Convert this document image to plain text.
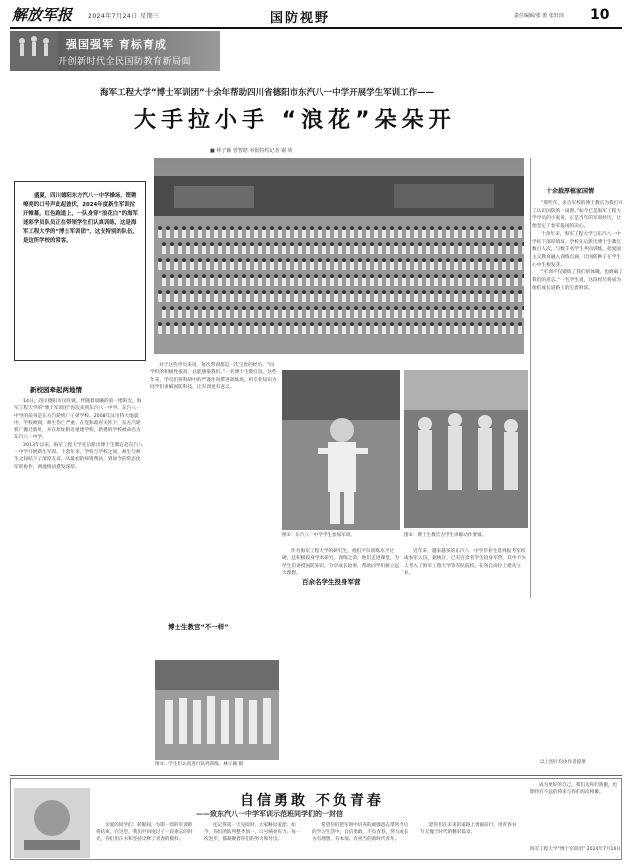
解放军报	2024年7月24日 星期三	国防视野	责任编辑/张 蕾 张轩玮 10
强国强军 育标育成
开创新时代全民国防教育新局面
海军工程大学“博士军训团”十余年帮助四川省德阳市东汽八一中学开展学生军训工作——
大手拉小手 “浪花”朵朵开
■ 林子颖 曾智皓 本报特约记者 谢 欣

盛夏，四川德阳东方汽八一中学操场，铿锵嘹亮的口号声此起彼伏，2024年度新生军训拉开帷幕。红色跑道上，一队身穿“浪花白”的海军迷彩学员队员正在带领学生们认真训练，这是海军工程大学的“博士军训团”，这支特别的队伍，是这所学校的常客。

“那些年，来自军校的博士教官为我打开了认识国防的一扇窗。”如今已是海军工程大学学员的小张说，正是当年的军训经历，让他坚定了参军报国的决心。

十余年来，海军工程大学与东汽八一中学结下深厚情谊。学校先后派出博士生教官数百人次，与数千名学生共同训练，把爱国主义教育融入训练点滴，让国防种子在学生心中生根发芽。

“军训不仅锻炼了我们的体魄，也磨砺了我们的意志。”一名学生说，这段经历将成为他们成长道路上的宝贵财富。

十余载厚植家国情
新校园牵起两地情

14日，四川德阳市汉旺镇，伴随着晨曦的第一缕阳光，海军工程大学的“博士军训团”再次来到东汽八一中学。东汽八一中学的前身是东方汽轮机厂子弟学校。2008年汶川特大地震中，学校被毁，师生伤亡严重。在党和政府关怀下，东方汽轮机厂搬迁新址，并在原址附近重建学校，新建的学校被命名为东汽八一中学。

2013年以来，海军工程大学先后派出博士生教官赴东汽八一中学开展新生军训。十余年来，学校与学校之间、师生与师生之间结下了深厚友谊。从最初的师资帮扶，到如今的常态化军训协作，两地情谊愈发深厚。

对于这些学员来说，每次带训都是一次宝贵的经历。“同学们的积极性很高，总能感染我们。”一名博士生教官说。这些年来，学员们将科研中的严谨作风带进训练场，用专业知识为同学们讲解国防科技，让军训更有意义。

博士生教官“不一样”
图①：东汽八一中学学生参加军训。	图②：博士生教官为学生讲解动作要领。

作为海军工程大学的研究生，他们不仅训练水平过硬，还积极投身学术研究。训练之余，他们走进课堂，为学生们讲授国防知识，分享成长故事，帮助同学们树立远大理想。

百余名学生投身军营

近年来，越来越多的东汽八一中学毕业生选择报考军校或参军入伍。据统计，已有百余名学生投身军营，其中不少人考入了海军工程大学等军队院校，在各自岗位上建功立业。

图③：学生们认真进行队列训练。林子颖 摄	以上图片均由作者提供
自信勇敢 不负青春
——致东汽八一中学军训示范班同学们的一封信

亲爱的同学们：转眼间，为期一周的军训即将结束。在这里，我们共同度过了一段难忘的时光，你们用汗水和坚持诠释了青春的模样。

还记得第一天见面时，大家略显羞涩；如今，你们的队列整齐划一，口号响亮有力。每一次进步，都凝聚着你们的努力和付出。

希望你们把军训中培养的顽强意志带到今后的学习生活中，自信勇敢，不负青春，努力成长为有理想、有本领、有担当的新时代青年。

愿你们在未来的道路上勇毅前行，用青春书写无愧于时代的精彩篇章。

成为更好的自己，我们为你们骄傲，也期待在不远的将来与你们再次相聚。

海军工程大学“博士军训团” 2024年7月16日
